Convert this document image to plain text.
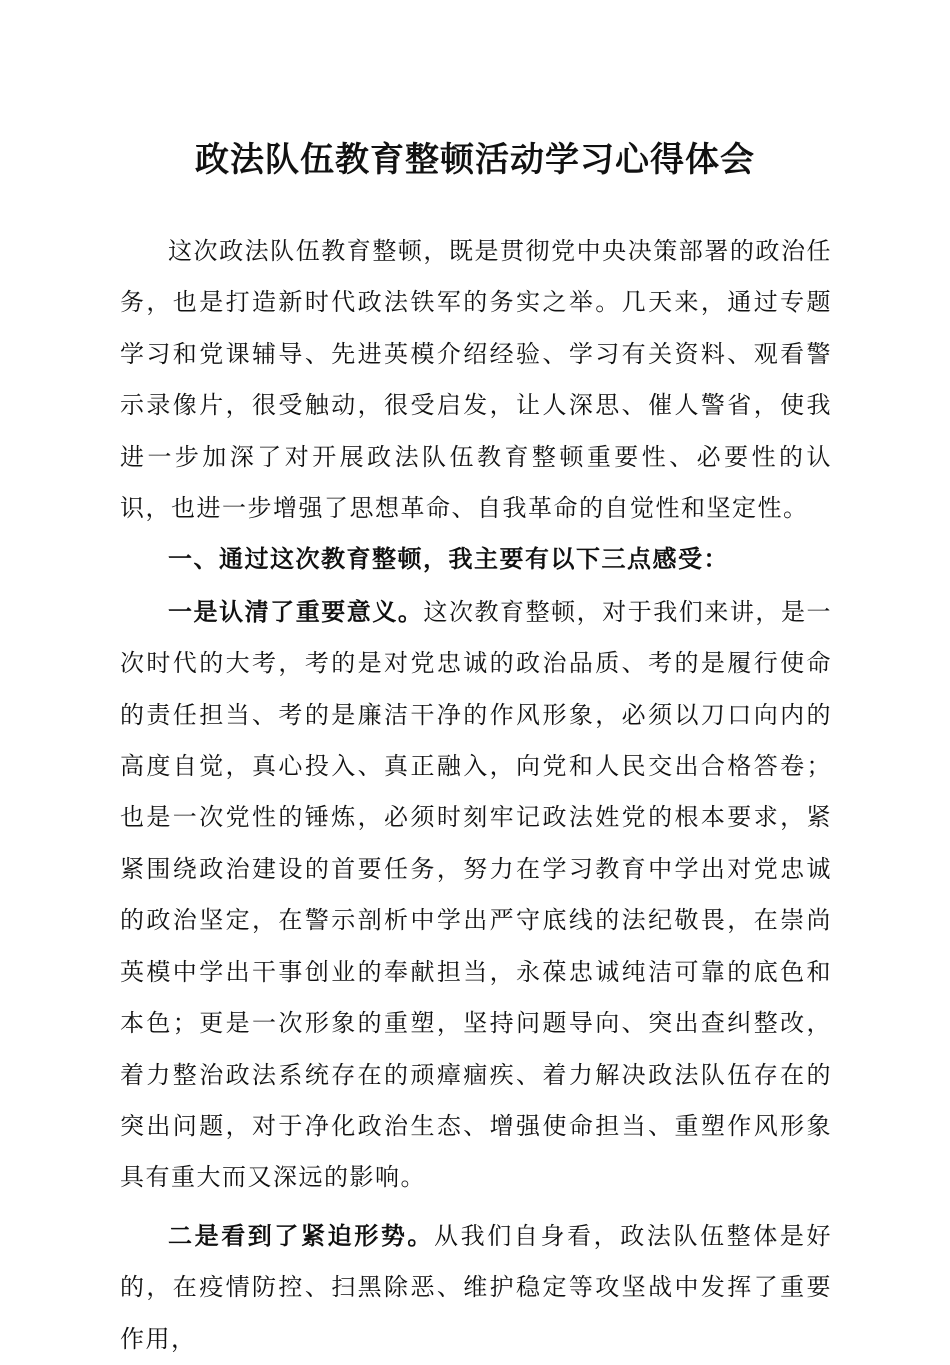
政法队伍教育整顿活动学习心得体会

这次政法队伍教育整顿，既是贯彻党中央决策部署的政治任务，也是打造新时代政法铁军的务实之举。几天来，通过专题学习和党课辅导、先进英模介绍经验、学习有关资料、观看警示录像片，很受触动，很受启发，让人深思、催人警省，使我进一步加深了对开展政法队伍教育整顿重要性、必要性的认识，也进一步增强了思想革命、自我革命的自觉性和坚定性。

一、通过这次教育整顿，我主要有以下三点感受：

一是认清了重要意义。这次教育整顿，对于我们来讲，是一次时代的大考，考的是对党忠诚的政治品质、考的是履行使命的责任担当、考的是廉洁干净的作风形象，必须以刀口向内的高度自觉，真心投入、真正融入，向党和人民交出合格答卷；也是一次党性的锤炼，必须时刻牢记政法姓党的根本要求，紧紧围绕政治建设的首要任务，努力在学习教育中学出对党忠诚的政治坚定，在警示剖析中学出严守底线的法纪敬畏，在崇尚英模中学出干事创业的奉献担当，永葆忠诚纯洁可靠的底色和本色；更是一次形象的重塑，坚持问题导向、突出查纠整改，着力整治政法系统存在的顽瘴痼疾、着力解决政法队伍存在的突出问题，对于净化政治生态、增强使命担当、重塑作风形象具有重大而又深远的影响。

二是看到了紧迫形势。从我们自身看，政法队伍整体是好的，在疫情防控、扫黑除恶、维护稳定等攻坚战中发挥了重要作用，
